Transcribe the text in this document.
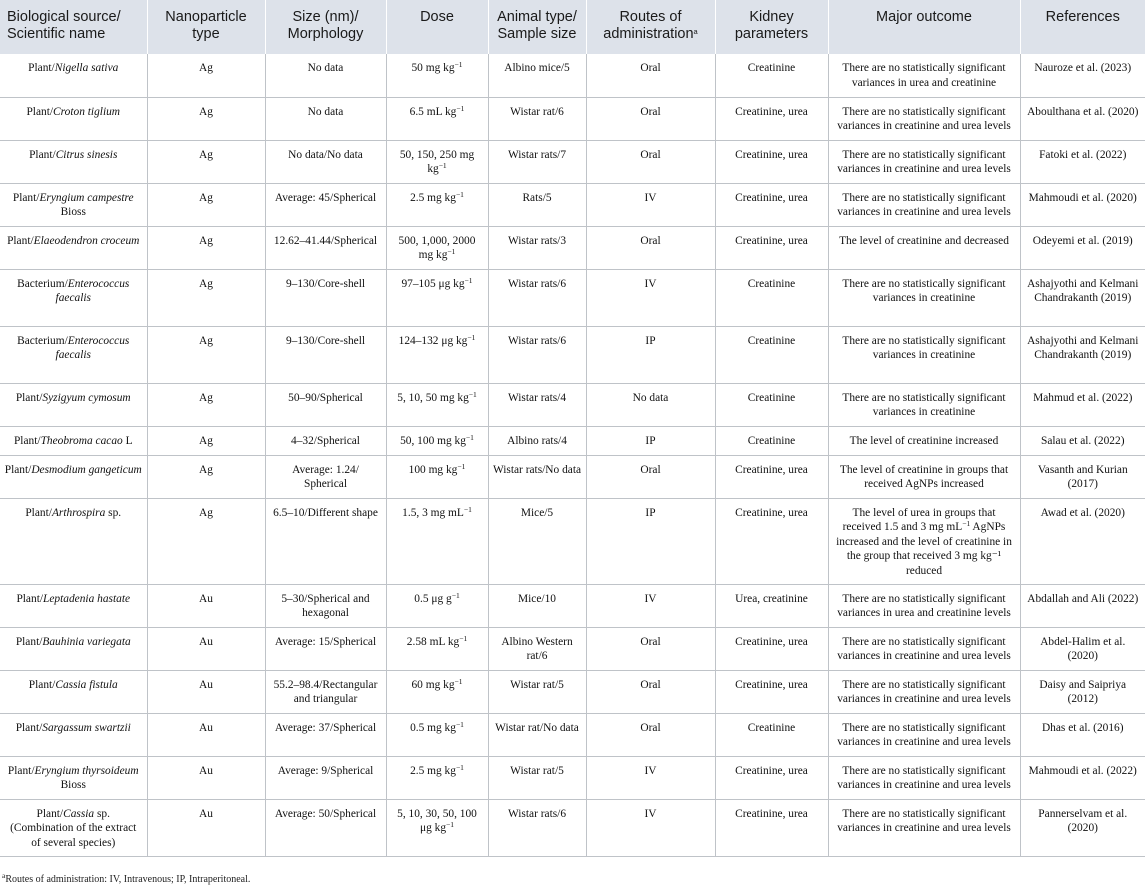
Biological source/ Scientific name	Nanoparticle type	Size (nm)/ Morphology	Dose	Animal type/ Sample size	Routes of administration$^a$	Kidney parameters	Major outcome	References
Plant/Nigella sativa	Ag	No data	50 mg $kg^{-1}$	Albino mice/5	Oral	Creatinine	There are no statistically significant variances in urea and creatinine	Nauroze et al. (2023)
Plant/Croton tiglium	Ag	No data	6.5 mL $kg^{-1}$	Wistar rat/6	Oral	Creatinine, urea	There are no statistically significant variances in creatinine and urea levels	Aboulthana et al. (2020)
Plant/Citrus sinesis	Ag	No data/No data	50, 150, 250 mg $kg^{-1}$	Wistar rats/7	Oral	Creatinine, urea	There are no statistically significant variances in creatinine and urea levels	Fatoki et al. (2022)
Plant/Eryngium campestre Bioss	Ag	Average: 45/Spherical	2.5 mg $kg^{-1}$	Rats/5	IV	Creatinine, urea	There are no statistically significant variances in creatinine and urea levels	Mahmoudi et al. (2020)
Plant/Elaeodendron croceum	Ag	12.62–41.44/Spherical	500, 1,000, 2000 mg $kg^{-1}$	Wistar rats/3	Oral	Creatinine, urea	The level of creatinine and decreased	Odeyemi et al. (2019)
Bacterium/Enterococcus faecalis	Ag	9–130/Core-shell	97–105 μg $kg^{-1}$	Wistar rats/6	IV	Creatinine	There are no statistically significant variances in creatinine	Ashajyothi and Kelmani Chandrakanth (2019)
Bacterium/Enterococcus faecalis	Ag	9–130/Core-shell	124–132 μg $kg^{-1}$	Wistar rats/6	IP	Creatinine	There are no statistically significant variances in creatinine	Ashajyothi and Kelmani Chandrakanth (2019)
Plant/Syzigyum cymosum	Ag	50–90/Spherical	5, 10, 50 mg $kg^{-1}$	Wistar rats/4	No data	Creatinine	There are no statistically significant variances in creatinine	Mahmud et al. (2022)
Plant/Theobroma cacao L	Ag	4–32/Spherical	50, 100 mg $kg^{-1}$	Albino rats/4	IP	Creatinine	The level of creatinine increased	Salau et al. (2022)
Plant/Desmodium gangeticum	Ag	Average: 1.24/ Spherical	100 mg $kg^{-1}$	Wistar rats/No data	Oral	Creatinine, urea	The level of creatinine in groups that received AgNPs increased	Vasanth and Kurian (2017)
Plant/Arthrospira sp.	Ag	6.5–10/Different shape	1.5, 3 mg $mL^{-1}$	Mice/5	IP	Creatinine, urea	The level of urea in groups that received 1.5 and 3 mg $mL^{-1}$ AgNPs increased and the level of creatinine in the group that received 3 mg kg⁻¹ reduced	Awad et al. (2020)
Plant/Leptadenia hastate	Au	5–30/Spherical and hexagonal	0.5 μg $g^{-1}$	Mice/10	IV	Urea, creatinine	There are no statistically significant variances in urea and creatinine levels	Abdallah and Ali (2022)
Plant/Bauhinia variegata	Au	Average: 15/Spherical	2.58 mL $kg^{-1}$	Albino Western rat/6	Oral	Creatinine, urea	There are no statistically significant variances in creatinine and urea levels	Abdel-Halim et al. (2020)
Plant/Cassia fistula	Au	55.2–98.4/Rectangular and triangular	60 mg $kg^{-1}$	Wistar rat/5	Oral	Creatinine, urea	There are no statistically significant variances in creatinine and urea levels	Daisy and Saipriya (2012)
Plant/Sargassum swartzii	Au	Average: 37/Spherical	0.5 mg $kg^{-1}$	Wistar rat/No data	Oral	Creatinine	There are no statistically significant variances in creatinine and urea levels	Dhas et al. (2016)
Plant/Eryngium thyrsoideum Bioss	Au	Average: 9/Spherical	2.5 mg $kg^{-1}$	Wistar rat/5	IV	Creatinine, urea	There are no statistically significant variances in creatinine and urea levels	Mahmoudi et al. (2022)
Plant/Cassia sp. (Combination of the extract of several species)	Au	Average: 50/Spherical	5, 10, 30, 50, 100 μg $kg^{-1}$	Wistar rats/6	IV	Creatinine, urea	There are no statistically significant variances in creatinine and urea levels	Pannerselvam et al. (2020)
$^a$Routes of administration: IV, Intravenous; IP, Intraperitoneal.
